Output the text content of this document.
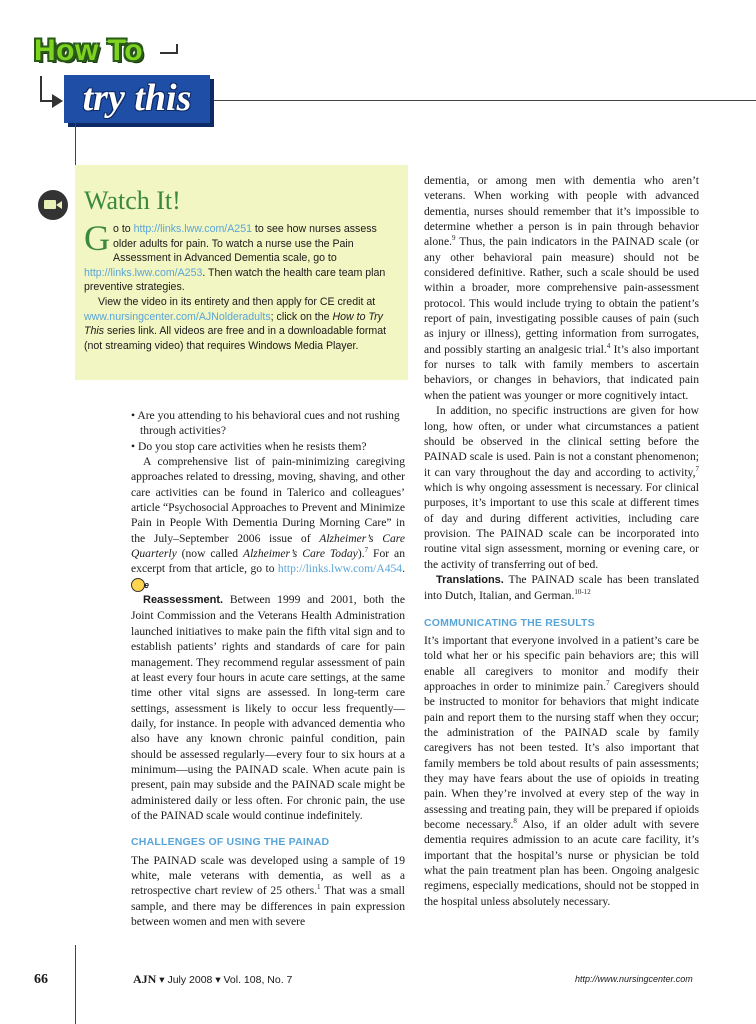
How To
try this
Watch It!

Go to http://links.lww.com/A251 to see how nurses assess older adults for pain. To watch a nurse use the Pain Assessment in Advanced Dementia scale, go to http://links.lww.com/A253. Then watch the health care team plan preventive strategies.

View the video in its entirety and then apply for CE credit at www.nursingcenter.com/AJNolderadults; click on the How to Try This series link. All videos are free and in a downloadable format (not streaming video) that requires Windows Media Player.

• Are you attending to his behavioral cues and not rushing through activities?

• Do you stop care activities when he resists them?

A comprehensive list of pain-minimizing caregiving approaches related to dressing, moving, shaving, and other care activities can be found in Talerico and colleagues’ article “Psychosocial Approaches to Prevent and Minimize Pain in People With Dementia During Morning Care” in the July–September 2006 issue of Alzheimer’s Care Quarterly (now called Alzheimer’s Care Today).$^7$ For an excerpt from that article, go to http://links.lww.com/A454. e

Reassessment. Between 1999 and 2001, both the Joint Commission and the Veterans Health Administration launched initiatives to make pain the fifth vital sign and to establish patients’ rights and standards of care for pain management. They recommend regular assessment of pain at least every four hours in acute care settings, at the same time other vital signs are assessed. In long-term care settings, assessment is likely to occur less frequently—daily, for instance. In people with advanced dementia who also have any known chronic painful condition, pain should be assessed regularly—every four to six hours at a minimum—using the PAINAD scale. When acute pain is present, pain may subside and the PAINAD scale might be administered daily or less often. For chronic pain, the use of the PAINAD scale would continue indefinitely.

CHALLENGES OF USING THE PAINAD

The PAINAD scale was developed using a sample of 19 white, male veterans with dementia, as well as a retrospective chart review of 25 others.$^1$ That was a small sample, and there may be differences in pain expression between women and men with severe

dementia, or among men with dementia who aren’t veterans. When working with people with advanced dementia, nurses should remember that it’s impossible to determine whether a person is in pain through behavior alone.$^9$ Thus, the pain indicators in the PAINAD scale (or any other behavioral pain measure) should not be considered definitive. Rather, such a scale should be used within a broader, more comprehensive pain-assessment protocol. This would include trying to obtain the patient’s report of pain, investigating possible causes of pain (such as injury or illness), getting information from surrogates, and possibly starting an analgesic trial.$^4$ It’s also important for nurses to talk with family members to ascertain behaviors, or changes in behaviors, that indicated pain when the patient was younger or more cognitively intact.

In addition, no specific instructions are given for how long, how often, or under what circumstances a patient should be observed in the clinical setting before the PAINAD scale is used. Pain is not a constant phenomenon; it can vary throughout the day and according to activity,$^7$ which is why ongoing assessment is necessary. For clinical purposes, it’s important to use this scale at different times of day and during different activities, including care provision. The PAINAD scale can be incorporated into routine vital sign assessment, morning or evening care, or the activity of transferring out of bed.

Translations. The PAINAD scale has been translated into Dutch, Italian, and German.$^{10-12}$

COMMUNICATING THE RESULTS

It’s important that everyone involved in a patient’s care be told what her or his specific pain behaviors are; this will enable all caregivers to monitor and modify their approaches in order to minimize pain.$^7$ Caregivers should be instructed to monitor for behaviors that might indicate pain and report them to the nursing staff when they occur; the administration of the PAINAD scale by family caregivers has not been tested. It’s also important that family members be told about results of pain assessments; they may have fears about the use of opioids in treating pain. When they’re involved at every step of the way in assessing and treating pain, they will be prepared if opioids become necessary.$^8$ Also, if an older adult with severe dementia requires admission to an acute care facility, it’s important that the hospital’s nurse or physician be told what the pain treatment plan has been. Ongoing analgesic regimens, especially medications, should not be stopped in the hospital unless absolutely necessary.

66	AJN ▾ July 2008 ▾ Vol. 108, No. 7	http://www.nursingcenter.com
